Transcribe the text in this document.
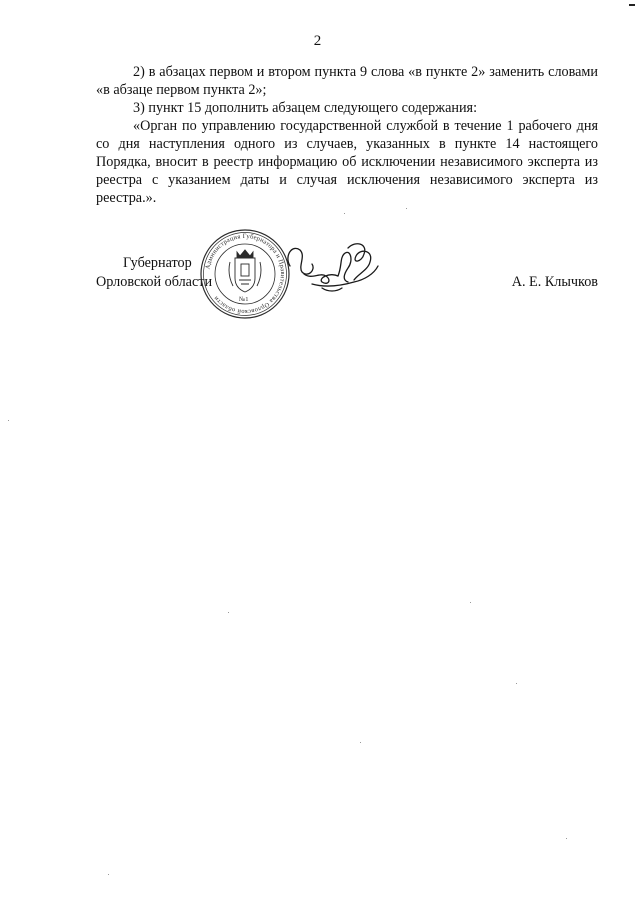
2

2) в абзацах первом и втором пункта 9 слова «в пункте 2» заменить словами «в абзаце первом пункта 2»;

3) пункт 15 дополнить абзацем следующего содержания:

«Орган по управлению государственной службой в течение 1 рабочего дня со дня наступления одного из случаев, указанных в пункте 14 настоящего Порядка, вносит в реестр информацию об исключении независимого эксперта из реестра с указанием даты и случая исключения независимого эксперта из реестра.».

Губернатор
Орловской области	А. Е. Клычков
Администрация Губернатора и Правительства Орловской области	№1
